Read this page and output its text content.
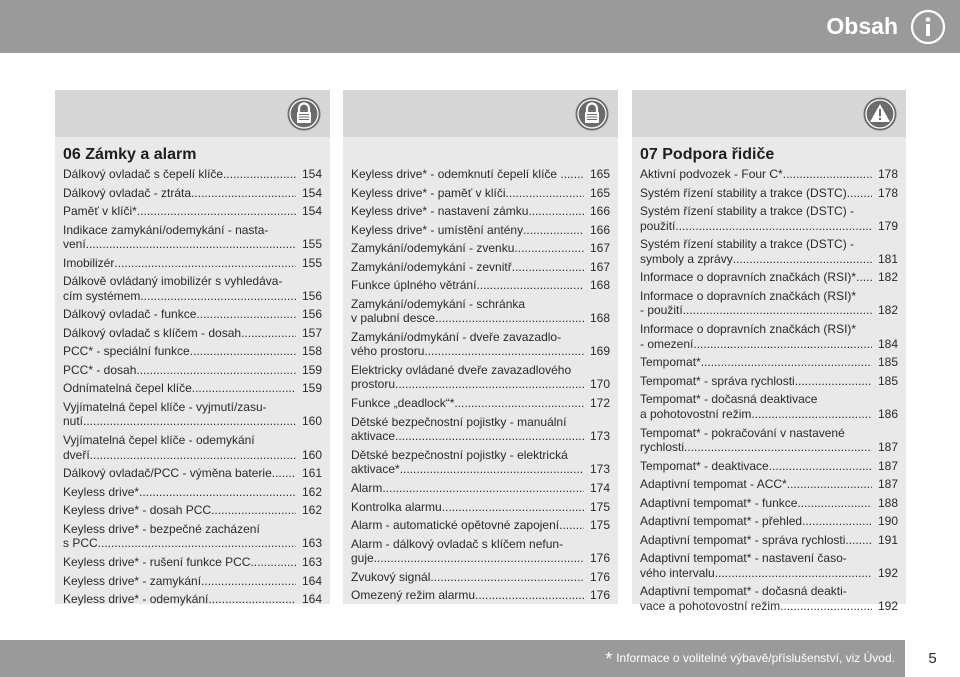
Obsah
06 Zámky a alarm
Dálkový ovladač s čepelí klíče .....	154
Dálkový ovladač - ztráta .....	154
Paměť v klíči* .....	154
Indikace zamykání/odemykání - nasta-
vení .....	155
Imobilizér .....	155
Dálkově ovládaný imobilizér s vyhledáva-
cím systémem .....	156
Dálkový ovladač - funkce .....	156
Dálkový ovladač s klíčem - dosah .....	157
PCC* - speciální funkce .....	158
PCC* - dosah .....	159
Odnímatelná čepel klíče .....	159
Vyjímatelná čepel klíče - vyjmutí/zasu-
nutí .....	160
Vyjímatelná čepel klíče - odemykání
dveří .....	160
Dálkový ovladač/PCC - výměna baterie. .....	161
Keyless drive* .....	162
Keyless drive* - dosah PCC .....	162
Keyless drive* - bezpečné zacházení
s PCC .....	163
Keyless drive* - rušení funkce PCC .....	163
Keyless drive* - zamykání .....	164
Keyless drive* - odemykání .....	164
Keyless drive* - odemknutí čepelí klíče . .....	165
Keyless drive* - paměť v klíči .....	165
Keyless drive* - nastavení zámku .....	166
Keyless drive* - umístění antény .....	166
Zamykání/odemykání - zvenku .....	167
Zamykání/odemykání - zevnitř .....	167
Funkce úplného větrání .....	168
Zamykání/odemykání - schránka
v palubní desce .....	168
Zamykání/odmykání - dveře zavazadlo-
vého prostoru .....	169
Elektricky ovládané dveře zavazadlového
prostoru .....	170
Funkce „deadlock“* .....	172
Dětské bezpečnostní pojistky - manuální
aktivace .....	173
Dětské bezpečnostní pojistky - elektrická
aktivace* .....	173
Alarm .....	174
Kontrolka alarmu .....	175
Alarm - automatické opětovné zapojení. .....	175
Alarm - dálkový ovladač s klíčem nefun-
guje .....	176
Zvukový signál .....	176
Omezený režim alarmu .....	176
07 Podpora řidiče
Aktivní podvozek - Four C* .....	178
Systém řízení stability a trakce (DSTC).. .....	178
Systém řízení stability a trakce (DSTC) -
použití .....	179
Systém řízení stability a trakce (DSTC) -
symboly a zprávy .....	181
Informace o dopravních značkách (RSI)* .....	182
Informace o dopravních značkách (RSI)*
- použití .....	182
Informace o dopravních značkách (RSI)*
- omezení .....	184
Tempomat* .....	185
Tempomat* - správa rychlosti .....	185
Tempomat* - dočasná deaktivace
a pohotovostní režim .....	186
Tempomat* - pokračování v nastavené
rychlosti .....	187
Tempomat* - deaktivace .....	187
Adaptivní tempomat - ACC* .....	187
Adaptivní tempomat* - funkce .....	188
Adaptivní tempomat* - přehled .....	190
Adaptivní tempomat* - správa rychlosti.. .....	191
Adaptivní tempomat* - nastavení časo-
vého intervalu .....	192
Adaptivní tempomat* - dočasná deakti-
vace a pohotovostní režim .....	192
* Informace o volitelné výbavě/příslušenství, viz Úvod.	5
